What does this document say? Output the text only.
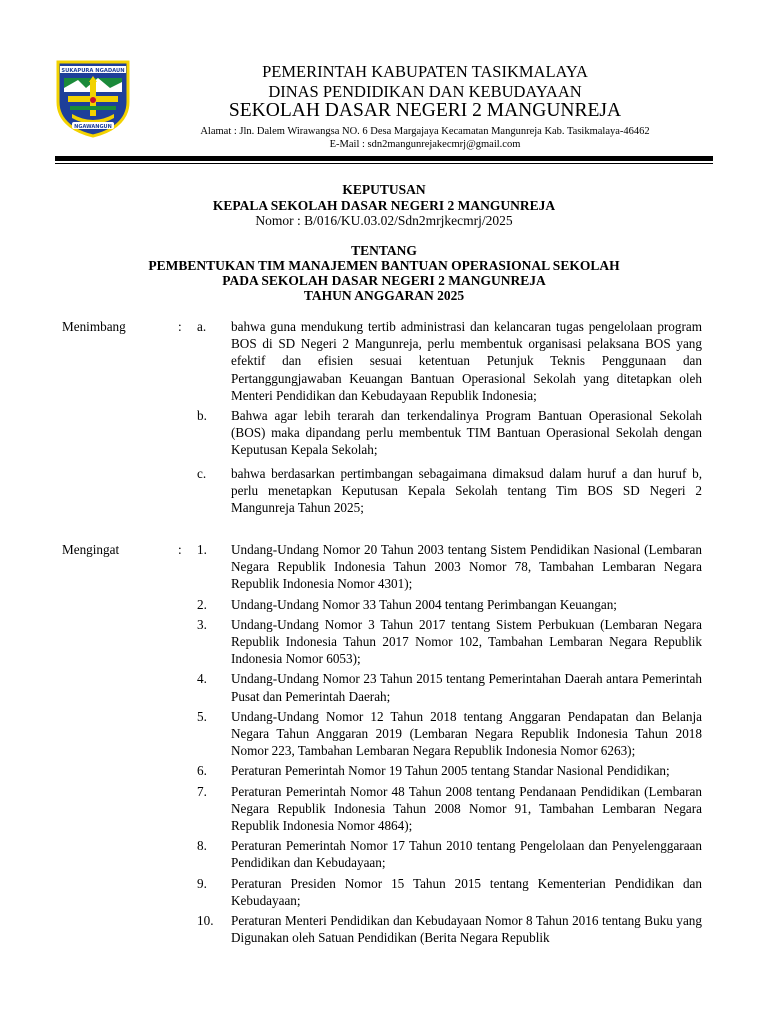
SUKAPURA NGADAUN
NGAWANGUN
PEMERINTAH KABUPATEN TASIKMALAYA
DINAS PENDIDIKAN DAN KEBUDAYAAN
SEKOLAH DASAR NEGERI 2 MANGUNREJA
Alamat : Jln. Dalem Wirawangsa NO. 6 Desa Margajaya Kecamatan Mangunreja Kab. Tasikmalaya-46462
E-Mail : sdn2mangunrejakecmrj@gmail.com
KEPUTUSAN
KEPALA SEKOLAH DASAR NEGERI 2 MANGUNREJA
Nomor : B/016/KU.03.02/Sdn2mrjkecmrj/2025
TENTANG
PEMBENTUKAN TIM MANAJEMEN BANTUAN OPERASIONAL SEKOLAH
PADA SEKOLAH DASAR NEGERI 2 MANGUNREJA
TAHUN ANGGARAN 2025
Menimbang	: a. bahwa guna mendukung tertib administrasi dan kelancaran tugas pengelolaan program BOS di SD Negeri 2 Mangunreja, perlu membentuk organisasi pelaksana BOS yang efektif dan efisien sesuai ketentuan Petunjuk Teknis Penggunaan dan Pertanggungjawaban Keuangan Bantuan Operasional Sekolah yang ditetapkan oleh Menteri Pendidikan dan Kebudayaan Republik Indonesia;
b. Bahwa agar lebih terarah dan terkendalinya Program Bantuan Operasional Sekolah (BOS) maka dipandang perlu membentuk TIM Bantuan Operasional Sekolah dengan Keputusan Kepala Sekolah;
c. bahwa berdasarkan pertimbangan sebagaimana dimaksud dalam huruf a dan huruf b, perlu menetapkan Keputusan Kepala Sekolah tentang Tim BOS SD Negeri 2 Mangunreja Tahun 2025;
Mengingat	: 1. Undang-Undang Nomor 20 Tahun 2003 tentang Sistem Pendidikan Nasional (Lembaran Negara Republik Indonesia Tahun 2003 Nomor 78, Tambahan Lembaran Negara Republik Indonesia Nomor 4301);
2. Undang-Undang Nomor 33 Tahun 2004 tentang Perimbangan Keuangan;
3. Undang-Undang Nomor 3 Tahun 2017 tentang Sistem Perbukuan (Lembaran Negara Republik Indonesia Tahun 2017 Nomor 102, Tambahan Lembaran Negara Republik Indonesia Nomor 6053);
4. Undang-Undang Nomor 23 Tahun 2015 tentang Pemerintahan Daerah antara Pemerintah Pusat dan Pemerintah Daerah;
5. Undang-Undang Nomor 12 Tahun 2018 tentang Anggaran Pendapatan dan Belanja Negara Tahun Anggaran 2019 (Lembaran Negara Republik Indonesia Tahun 2018 Nomor 223, Tambahan Lembaran Negara Republik Indonesia Nomor 6263);
6. Peraturan Pemerintah Nomor 19 Tahun 2005 tentang Standar Nasional Pendidikan;
7. Peraturan Pemerintah Nomor 48 Tahun 2008 tentang Pendanaan Pendidikan (Lembaran Negara Republik Indonesia Tahun 2008 Nomor 91, Tambahan Lembaran Negara Republik Indonesia Nomor 4864);
8. Peraturan Pemerintah Nomor 17 Tahun 2010 tentang Pengelolaan dan Penyelenggaraan Pendidikan dan Kebudayaan;
9. Peraturan Presiden Nomor 15 Tahun 2015 tentang Kementerian Pendidikan dan Kebudayaan;
10. Peraturan Menteri Pendidikan dan Kebudayaan Nomor 8 Tahun 2016 tentang Buku yang Digunakan oleh Satuan Pendidikan (Berita Negara Republik
